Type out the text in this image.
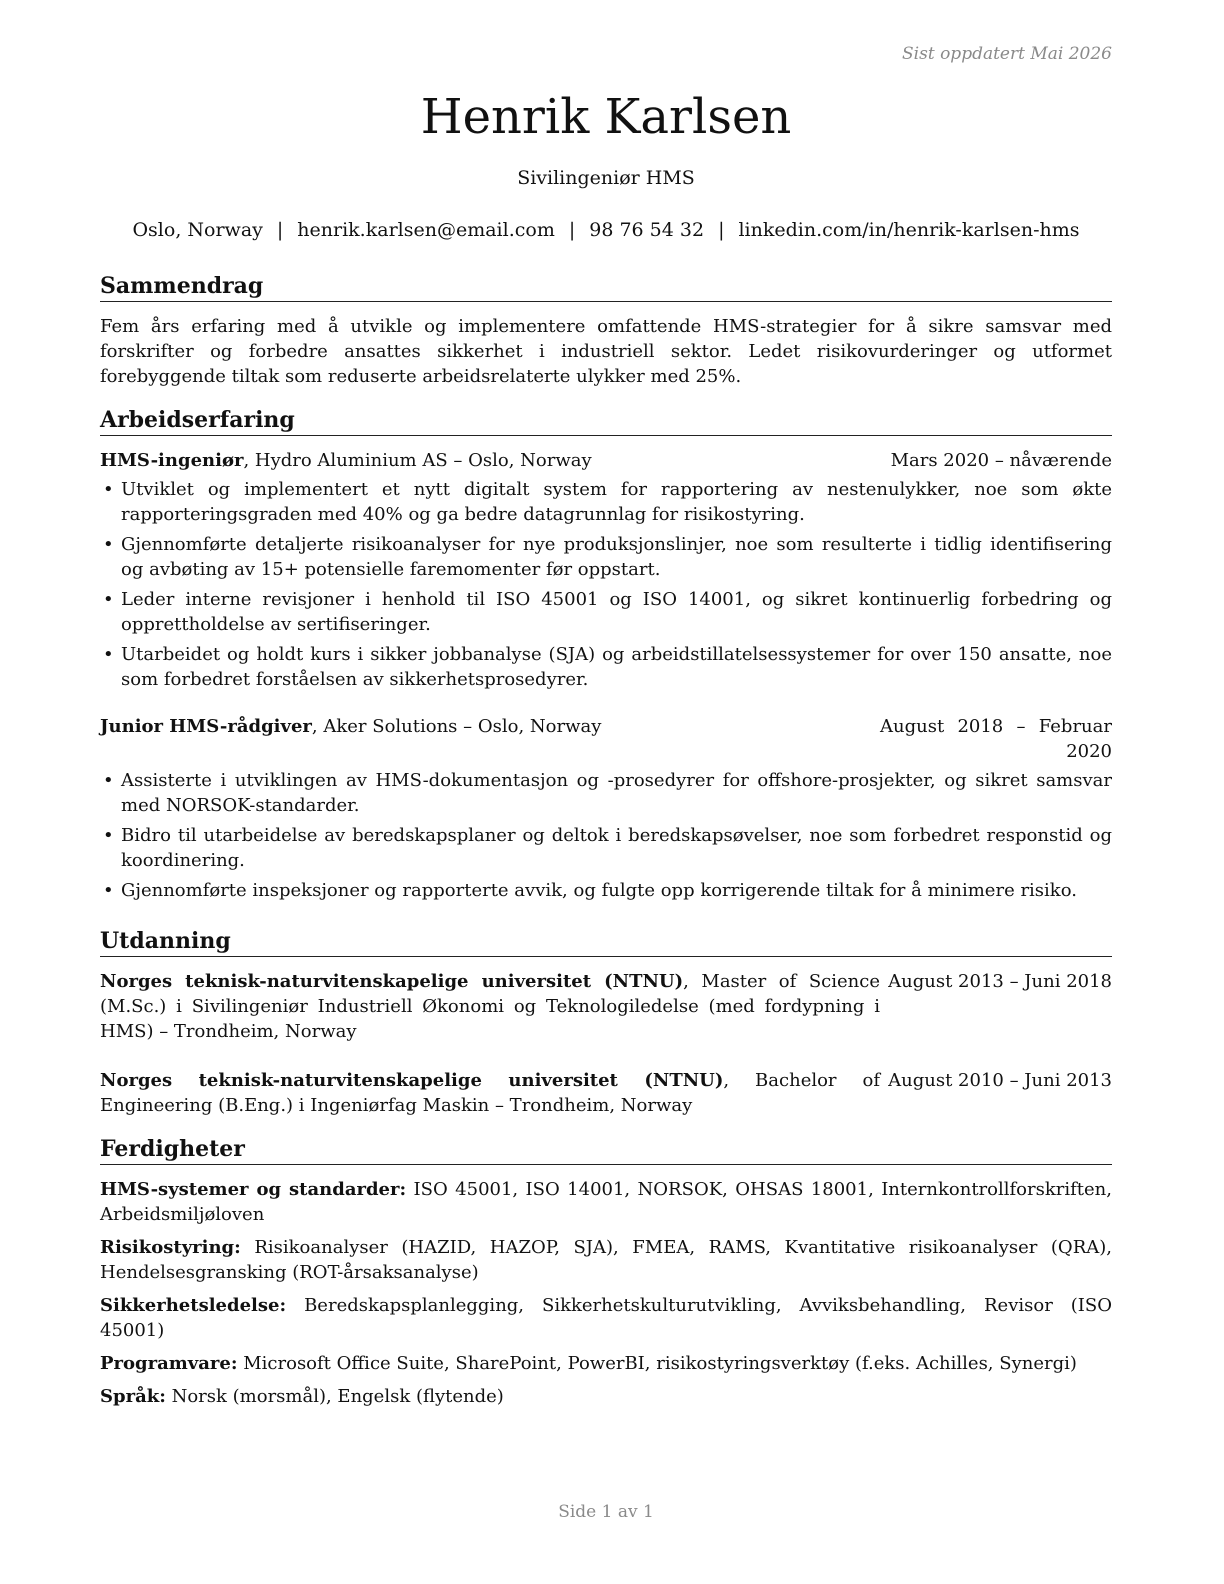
Sist oppdatert Mai 2026
Henrik Karlsen
Sivilingeniør HMS
Oslo, Norway | henrik.karlsen@email.com | 98 76 54 32 | linkedin.com/in/henrik-karlsen-hms
Sammendrag

Fem års erfaring med å utvikle og implementere omfattende HMS-strategier for å sikre samsvar med forskrifter og forbedre ansattes sikkerhet i industriell sektor. Ledet risikovurderinger og utformet forebyggende tiltak som reduserte arbeidsrelaterte ulykker med 25%.

Arbeidserfaring
HMS-ingeniør, Hydro Aluminium AS – Oslo, Norway	Mars 2020 – nåværende
• Utviklet og implementert et nytt digitalt system for rapportering av nestenulykker, noe som økte rapporteringsgraden med 40% og ga bedre datagrunnlag for risikostyring.
• Gjennomførte detaljerte risikoanalyser for nye produksjonslinjer, noe som resulterte i tidlig identifisering og avbøting av 15+ potensielle faremomenter før oppstart.
• Leder interne revisjoner i henhold til ISO 45001 og ISO 14001, og sikret kontinuerlig forbedring og opprettholdelse av sertifiseringer.
• Utarbeidet og holdt kurs i sikker jobbanalyse (SJA) og arbeidstillatelsessystemer for over 150 ansatte, noe som forbedret forståelsen av sikkerhetsprosedyrer.
Junior HMS-rådgiver, Aker Solutions – Oslo, Norway	August 2018 – Februar 2020
• Assisterte i utviklingen av HMS-dokumentasjon og -prosedyrer for offshore-prosjekter, og sikret samsvar med NORSOK-standarder.
• Bidro til utarbeidelse av beredskapsplaner og deltok i beredskapsøvelser, noe som forbedret responstid og koordinering.
• Gjennomførte inspeksjoner og rapporterte avvik, og fulgte opp korrigerende tiltak for å minimere risiko.
Utdanning
Norges teknisk-naturvitenskapelige universitet (NTNU), Master of Science (M.Sc.) i Sivilingeniør Industriell Økonomi og Teknologiledelse (med fordypning i HMS) – Trondheim, Norway
August 2013 – Juni 2018
Norges teknisk-naturvitenskapelige universitet (NTNU), Bachelor of Engineering (B.Eng.) i Ingeniørfag Maskin – Trondheim, Norway
August 2010 – Juni 2013
Ferdigheter
HMS-systemer og standarder: ISO 45001, ISO 14001, NORSOK, OHSAS 18001, Internkontrollforskriften, Arbeidsmiljøloven
Risikostyring: Risikoanalyser (HAZID, HAZOP, SJA), FMEA, RAMS, Kvantitative risikoanalyser (QRA), Hendelsesgransking (ROT-årsaksanalyse)
Sikkerhetsledelse: Beredskapsplanlegging, Sikkerhetskulturutvikling, Avviksbehandling, Revisor (ISO 45001)
Programvare: Microsoft Office Suite, SharePoint, PowerBI, risikostyringsverktøy (f.eks. Achilles, Synergi)
Språk: Norsk (morsmål), Engelsk (flytende)
Side 1 av 1
